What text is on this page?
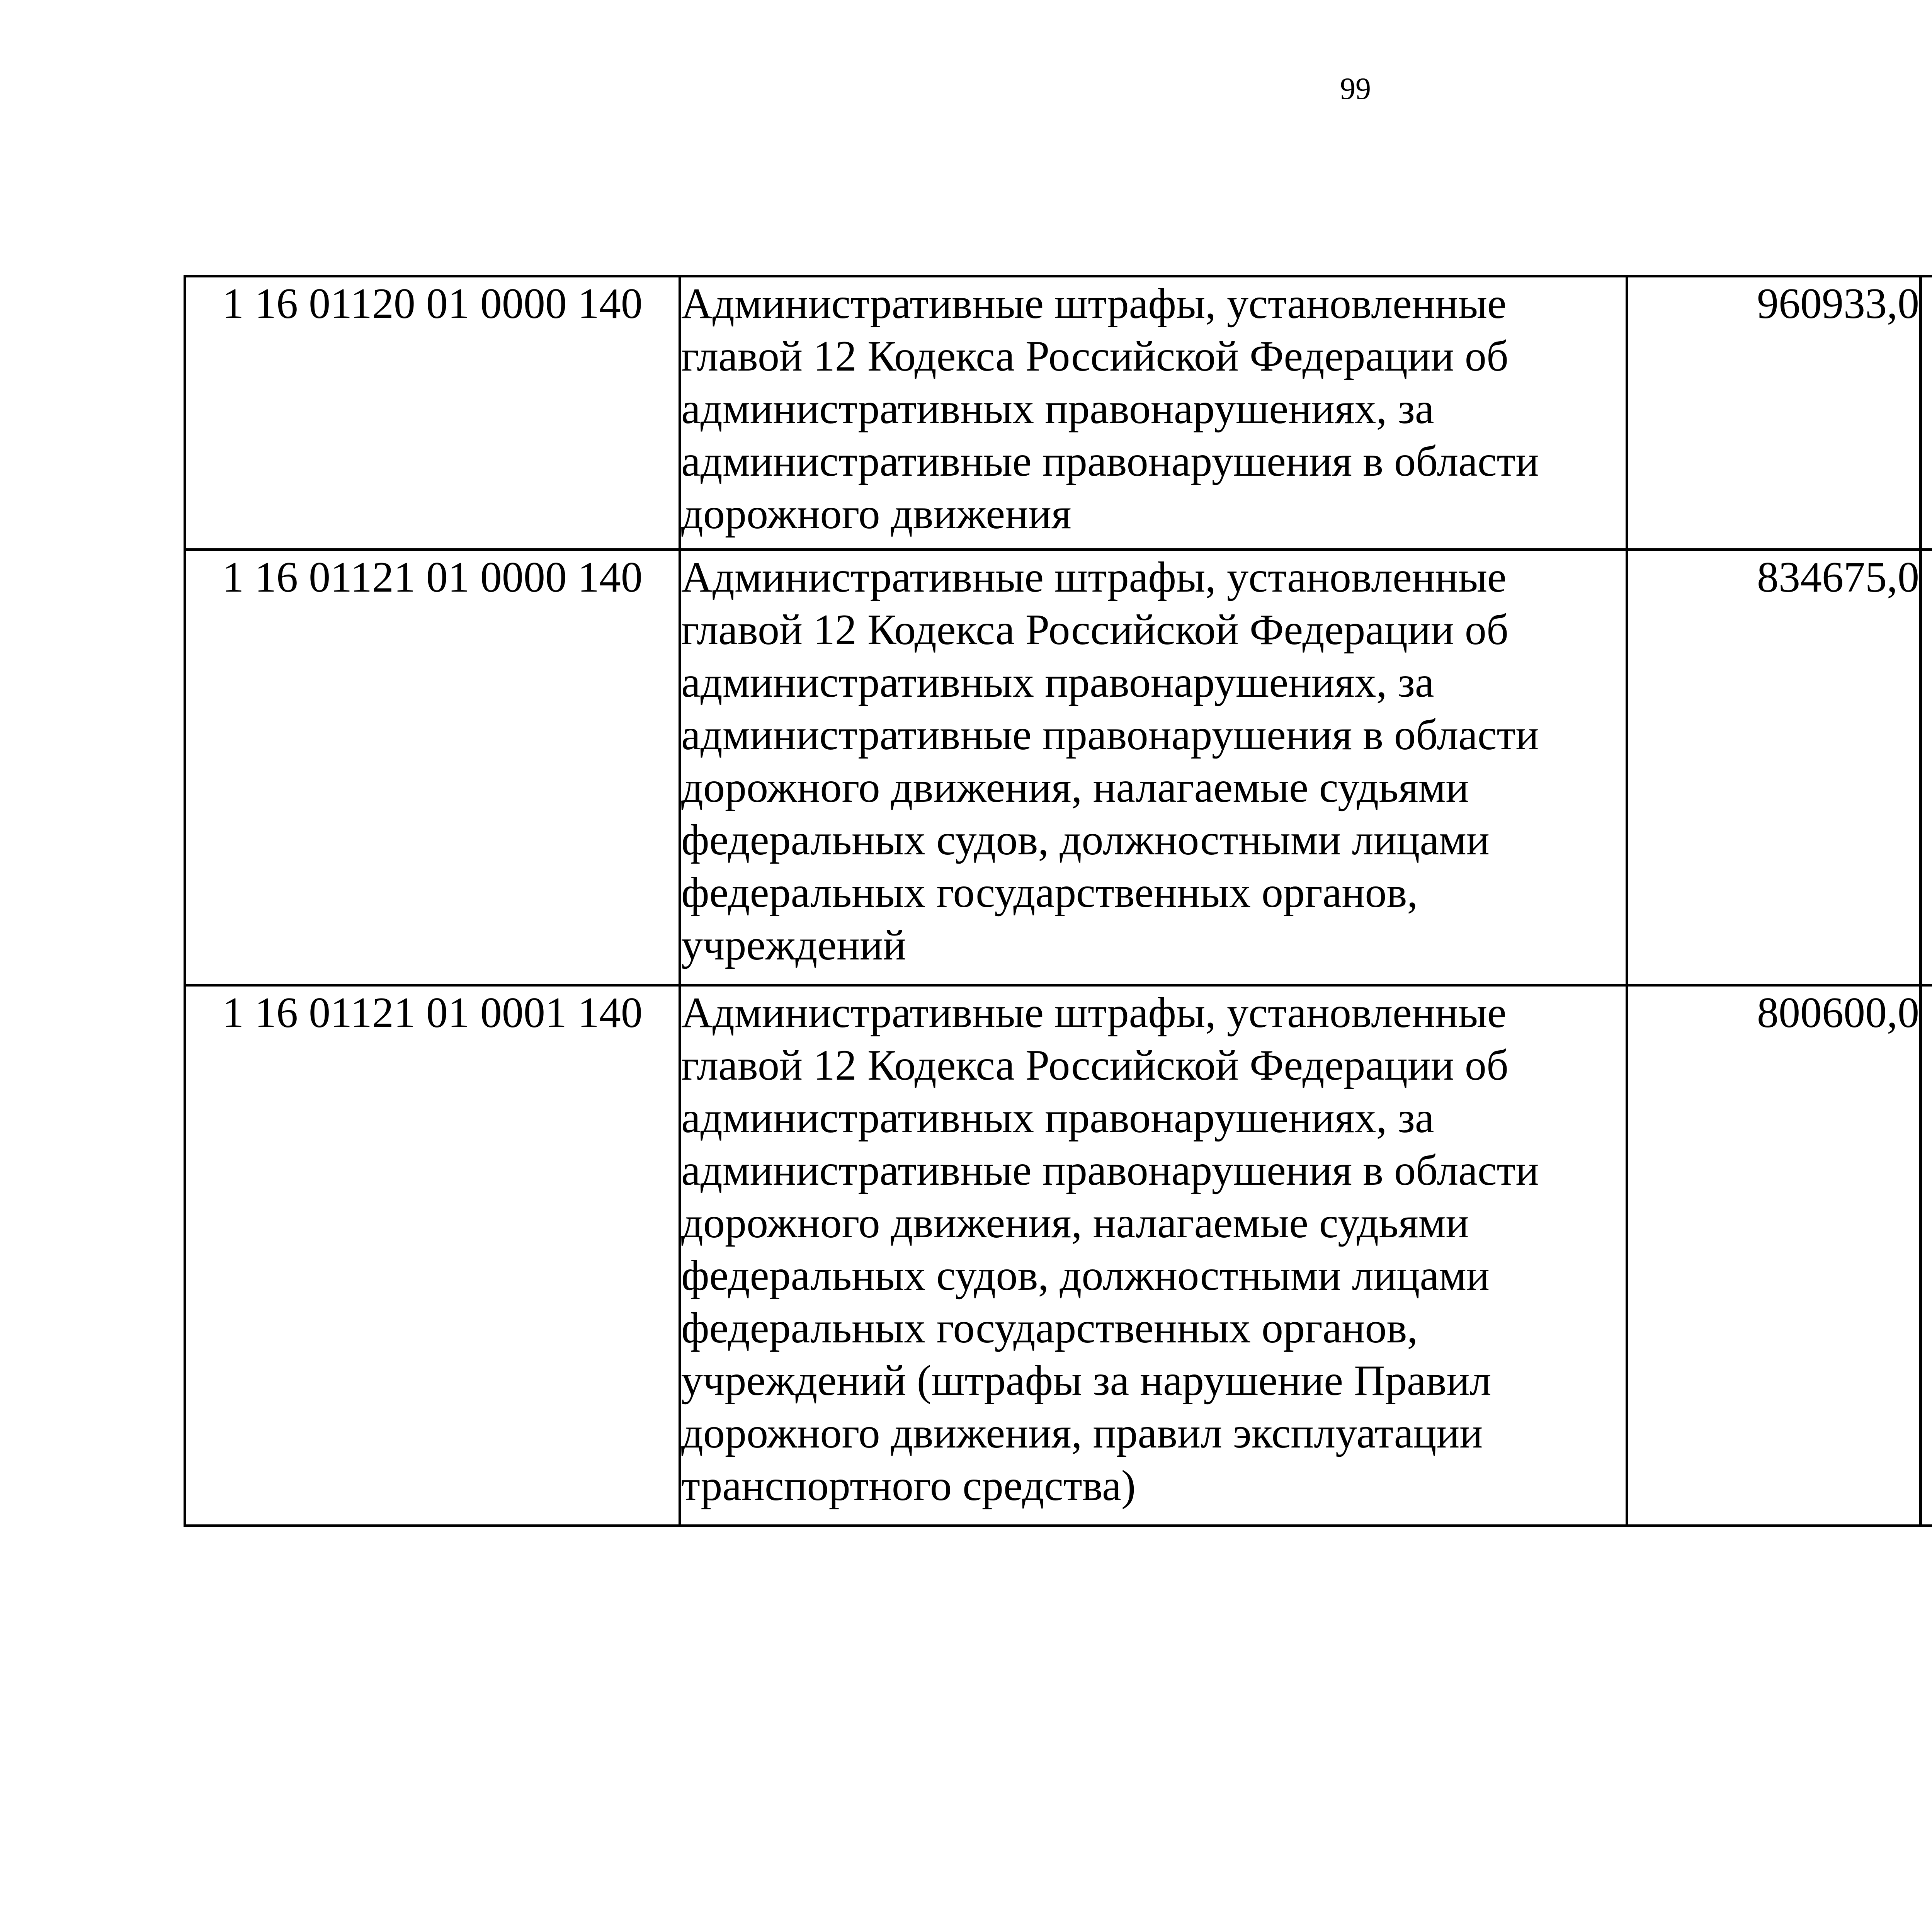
99
1 16 01120 01 0000 140	Административные штрафы, установленные главой 12 Кодекса Российской Федерации об административных правонарушениях, за административные правонарушения в области дорожного движения	960933,0		
1 16 01121 01 0000 140	Административные штрафы, установленные главой 12 Кодекса Российской Федерации об административных правонарушениях, за административные правонарушения в области дорожного движения, налагаемые судьями федеральных судов, должностными лицами федеральных государственных органов, учреждений	834675,0		
1 16 01121 01 0001 140	Административные штрафы, установленные главой 12 Кодекса Российской Федерации об административных правонарушениях, за административные правонарушения в области дорожного движения, налагаемые судьями федеральных судов, должностными лицами федеральных государственных органов, учреждений (штрафы за нарушение Правил дорожного движения, правил эксплуатации транспортного средства)	800600,0		
